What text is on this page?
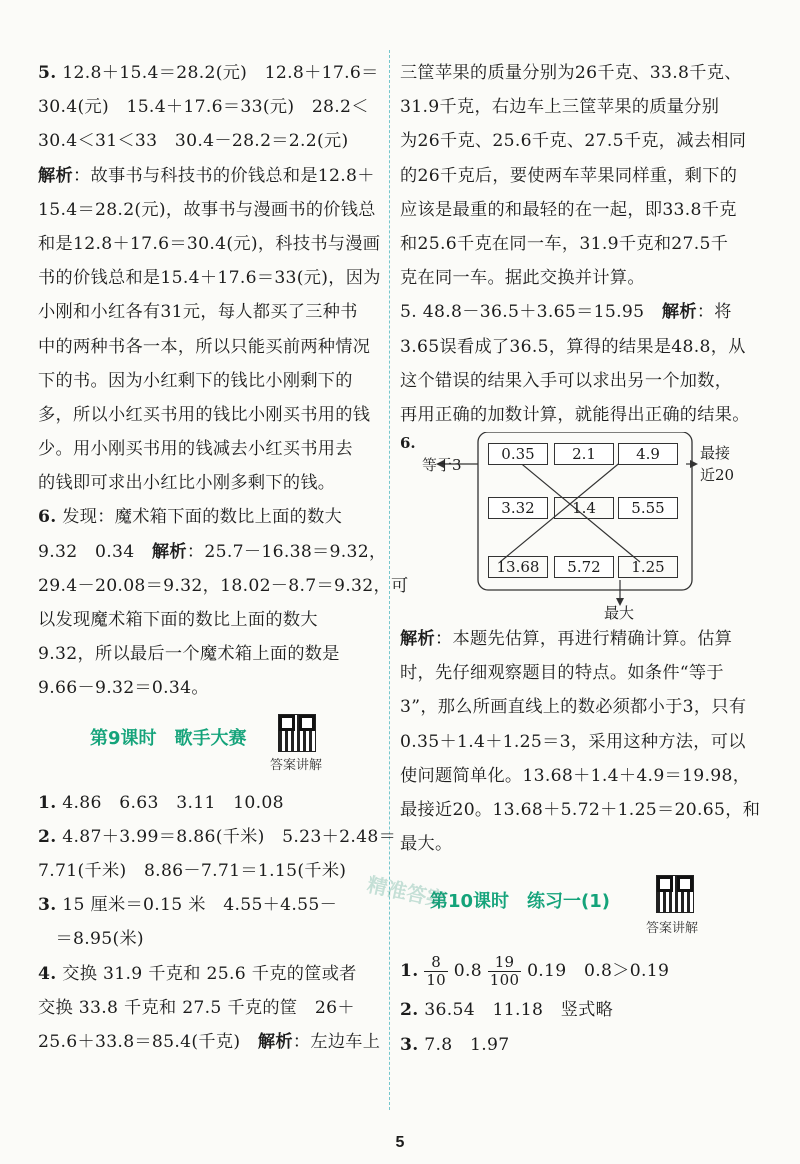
5. 12.8＋15.4＝28.2(元)　12.8＋17.6＝
30.4(元)　15.4＋17.6＝33(元)　28.2＜
30.4＜31＜33　30.4－28.2＝2.2(元)
解析：故事书与科技书的价钱总和是12.8＋
15.4＝28.2(元)，故事书与漫画书的价钱总
和是12.8＋17.6＝30.4(元)，科技书与漫画
书的价钱总和是15.4＋17.6＝33(元)，因为
小刚和小红各有31元，每人都买了三种书
中的两种书各一本，所以只能买前两种情况
下的书。因为小红剩下的钱比小刚剩下的
多，所以小红买书用的钱比小刚买书用的钱
少。用小刚买书用的钱减去小红买书用去
的钱即可求出小红比小刚多剩下的钱。
6. 发现：魔术箱下面的数比上面的数大
9.32　0.34　解析：25.7－16.38＝9.32，
29.4－20.08＝9.32，18.02－8.7＝9.32，可
以发现魔术箱下面的数比上面的数大
9.32，所以最后一个魔术箱上面的数是
9.66－9.32＝0.34。
第9课时　歌手大赛
答案讲解
1. 4.86　6.63　3.11　10.08
2. 4.87＋3.99＝8.86(千米)　5.23＋2.48＝
7.71(千米)　8.86－7.71＝1.15(千米)
3. 15 厘米＝0.15 米　4.55＋4.55－
　＝8.95(米)
4. 交换 31.9 千克和 25.6 千克的筐或者
交换 33.8 千克和 27.5 千克的筐　26＋
25.6＋33.8＝85.4(千克)　解析：左边车上
三筐苹果的质量分别为26千克、33.8千克、
31.9千克，右边车上三筐苹果的质量分别
为26千克、25.6千克、27.5千克，减去相同
的26千克后，要使两车苹果同样重，剩下的
应该是最重的和最轻的在一起，即33.8千克
和25.6千克在同一车，31.9千克和27.5千
克在同一车。据此交换并计算。
5. 48.8－36.5＋3.65＝15.95　解析：将
3.65误看成了36.5，算得的结果是48.8，从
这个错误的结果入手可以求出另一个加数，
再用正确的加数计算，就能得出正确的结果。
6.
0.35	2.1	4.9
3.32	1.4	5.55
13.68	5.72	1.25
等于3
最接
近20
最大
解析：本题先估算，再进行精确计算。估算
时，先仔细观察题目的特点。如条件“等于
3”，那么所画直线上的数必须都小于3，只有
0.35＋1.4＋1.25＝3，采用这种方法，可以
使问题简单化。13.68＋1.4＋4.9＝19.98，
最接近20。13.68＋5.72＋1.25＝20.65，和
最大。
第10课时　练习一(1)
答案讲解
1. $\frac{8}{10} 0.8 \frac{19}{100} 0.19$　0.8＞0.19
2. 36.54　11.18　竖式略
3. 7.8　1.97
精准答案
5
